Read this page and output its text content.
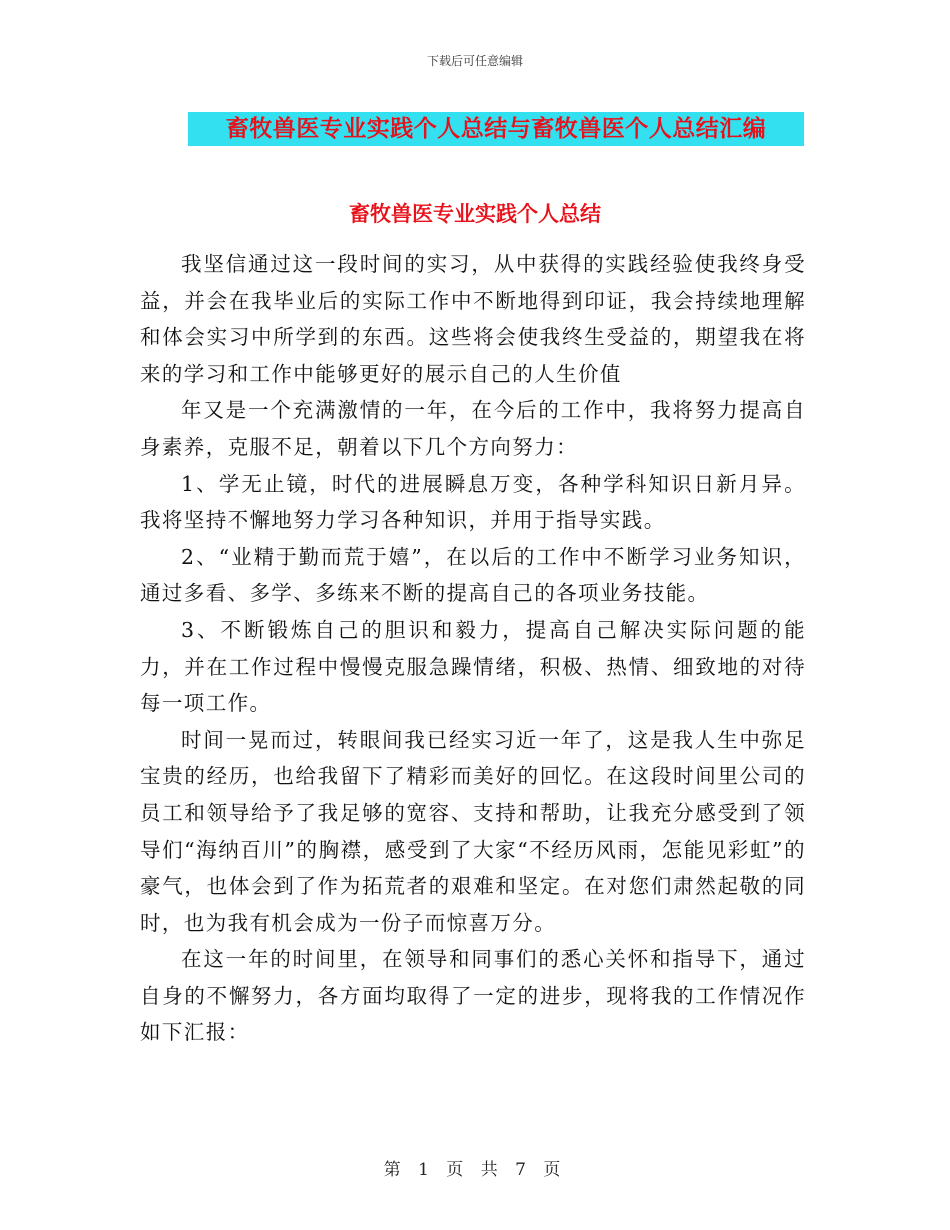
下载后可任意编辑
畜牧兽医专业实践个人总结与畜牧兽医个人总结汇编
畜牧兽医专业实践个人总结

我坚信通过这一段时间的实习，从中获得的实践经验使我终身受益，并会在我毕业后的实际工作中不断地得到印证，我会持续地理解和体会实习中所学到的东西。这些将会使我终生受益的，期望我在将来的学习和工作中能够更好的展示自己的人生价值

年又是一个充满激情的一年，在今后的工作中，我将努力提高自身素养，克服不足，朝着以下几个方向努力：

1、学无止镜，时代的进展瞬息万变，各种学科知识日新月异。我将坚持不懈地努力学习各种知识，并用于指导实践。

2、“业精于勤而荒于嬉”，在以后的工作中不断学习业务知识，通过多看、多学、多练来不断的提高自己的各项业务技能。

3、不断锻炼自己的胆识和毅力，提高自己解决实际问题的能力，并在工作过程中慢慢克服急躁情绪，积极、热情、细致地的对待每一项工作。

时间一晃而过，转眼间我已经实习近一年了，这是我人生中弥足宝贵的经历，也给我留下了精彩而美好的回忆。在这段时间里公司的员工和领导给予了我足够的宽容、支持和帮助，让我充分感受到了领导们“海纳百川”的胸襟，感受到了大家“不经历风雨，怎能见彩虹”的豪气，也体会到了作为拓荒者的艰难和坚定。在对您们肃然起敬的同时，也为我有机会成为一份子而惊喜万分。

在这一年的时间里，在领导和同事们的悉心关怀和指导下，通过自身的不懈努力，各方面均取得了一定的进步，现将我的工作情况作如下汇报：

第 1 页 共 7 页
